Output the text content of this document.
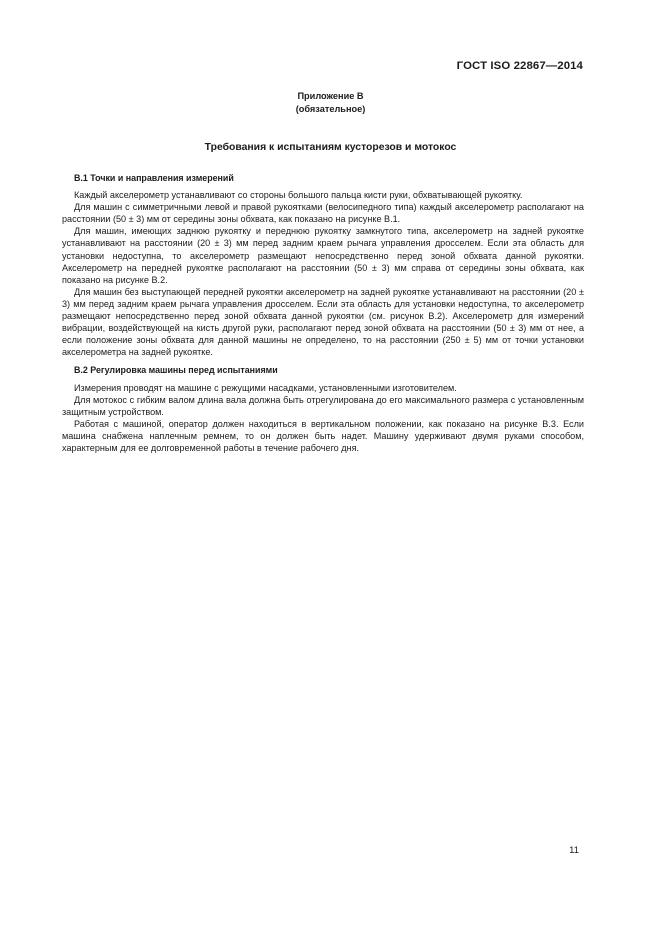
ГОСТ ISO 22867—2014
Приложение В
(обязательное)
Требования к испытаниям кусторезов и мотокос
В.1 Точки и направления измерений

Каждый акселерометр устанавливают со стороны большого пальца кисти руки, обхватывающей рукоятку.

Для машин с симметричными левой и правой рукоятками (велосипедного типа) каждый акселерометр располагают на расстоянии (50 ± 3) мм от середины зоны обхвата, как показано на рисунке В.1.

Для машин, имеющих заднюю рукоятку и переднюю рукоятку замкнутого типа, акселерометр на задней рукоятке устанавливают на расстоянии (20 ± 3) мм перед задним краем рычага управления дросселем. Если эта область для установки недоступна, то акселерометр размещают непосредственно перед зоной обхвата данной рукоятки. Акселерометр на передней рукоятке располагают на расстоянии (50 ± 3) мм справа от середины зоны обхвата, как показано на рисунке В.2.

Для машин без выступающей передней рукоятки акселерометр на задней рукоятке устанавливают на расстоянии (20 ± 3) мм перед задним краем рычага управления дросселем. Если эта область для установки недоступна, то акселерометр размещают непосредственно перед зоной обхвата данной рукоятки (см. рисунок В.2). Акселерометр для измерений вибрации, воздействующей на кисть другой руки, располагают перед зоной обхвата на расстоянии (50 ± 3) мм от нее, а если положение зоны обхвата для данной машины не определено, то на расстоянии (250 ± 5) мм от точки установки акселерометра на задней рукоятке.

В.2 Регулировка машины перед испытаниями

Измерения проводят на машине с режущими насадками, установленными изготовителем.

Для мотокос с гибким валом длина вала должна быть отрегулирована до его максимального размера с установленным защитным устройством.

Работая с машиной, оператор должен находиться в вертикальном положении, как показано на рисунке В.3. Если машина снабжена наплечным ремнем, то он должен быть надет. Машину удерживают двумя руками способом, характерным для ее долговременной работы в течение рабочего дня.

11
